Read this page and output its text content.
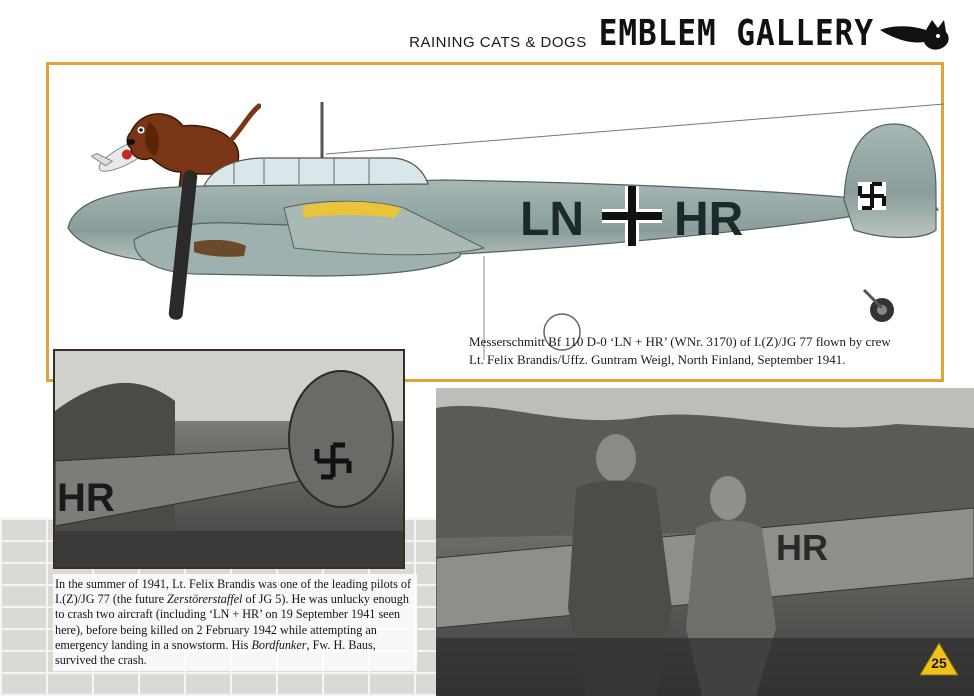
RAINING CATS & DOGS EMBLEM GALLERY
LN HR
Messerschmitt Bf 110 D-0 ‘LN + HR’ (WNr. 3170) of I.(Z)/JG 77 flown by crew
Lt. Felix Brandis/Uffz. Guntram Weigl, North Finland, September 1941.
HR
HR
In the summer of 1941, Lt. Felix Brandis was one of the leading pilots of I.(Z)/JG 77 (the future Zerstörerstaffel of JG 5). He was unlucky enough to crash two aircraft (including ‘LN + HR’ on 19 September 1941 seen here), before being killed on 2 February 1942 while attempting an emergency landing in a snowstorm. His Bordfunker, Fw. H. Baus, survived the crash.	25
